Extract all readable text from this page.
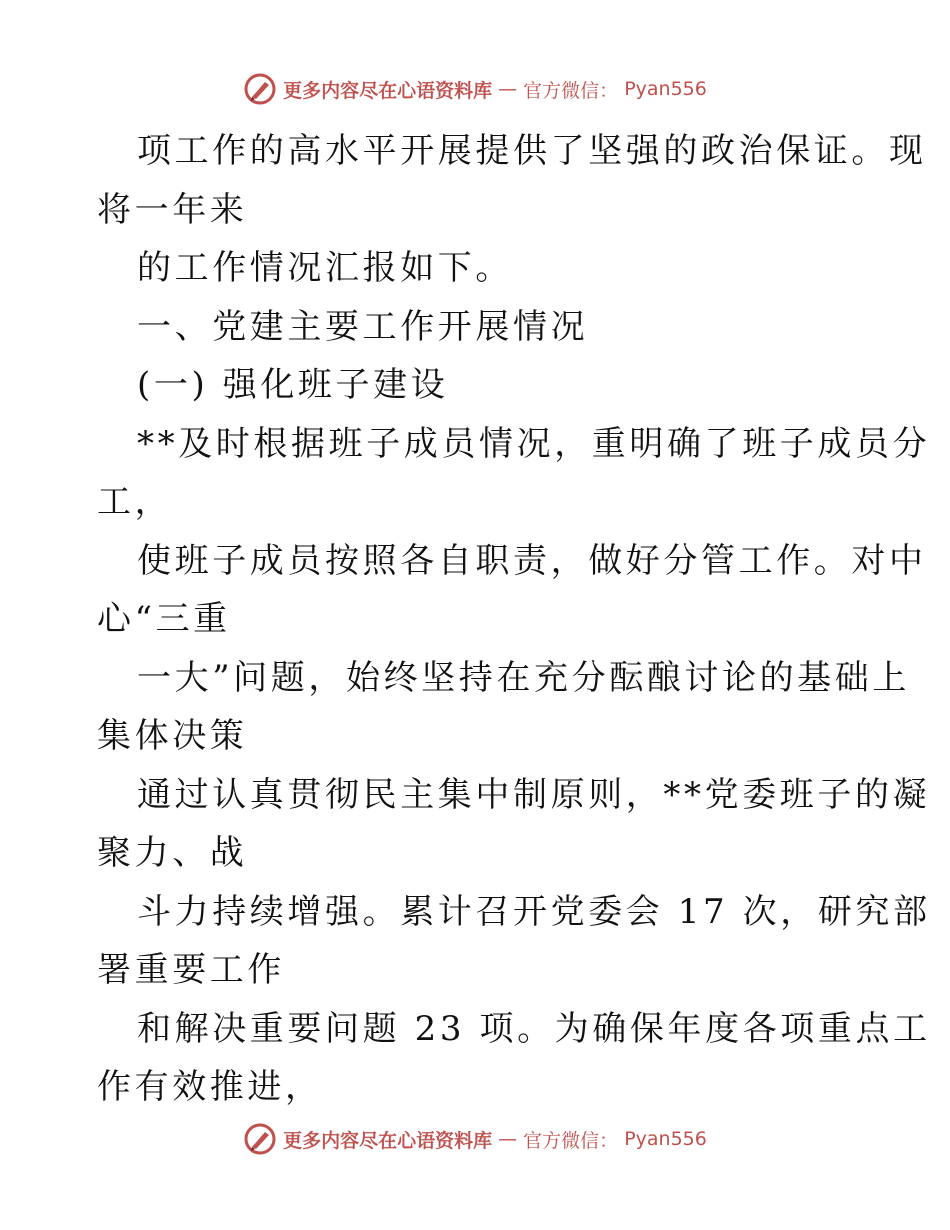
更多内容尽在心语资料库 — 官方微信： Pyan556
项工作的高水平开展提供了坚强的政治保证。现
将一年来
的工作情况汇报如下。
一、党建主要工作开展情况
(一) 强化班子建设
**及时根据班子成员情况，重明确了班子成员分
工，
使班子成员按照各自职责，做好分管工作。对中
心“三重
一大”问题，始终坚持在充分酝酿讨论的基础上
集体决策
通过认真贯彻民主集中制原则，**党委班子的凝
聚力、战
斗力持续增强。累计召开党委会 17 次，研究部
署重要工作
和解决重要问题 23 项。为确保年度各项重点工
作有效推进，
更多内容尽在心语资料库 — 官方微信： Pyan556
